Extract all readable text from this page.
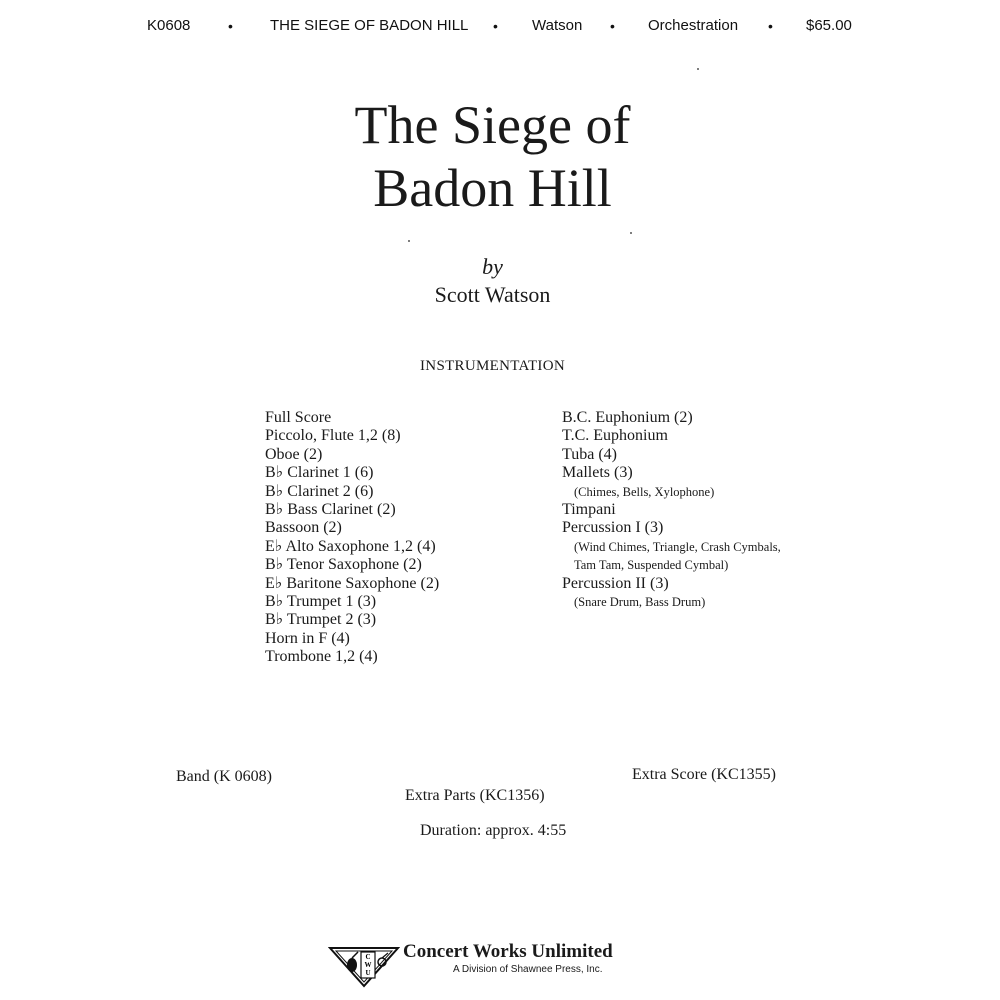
K0608	• THE SIEGE OF BADON HILL • Watson • Orchestration • $65.00
The Siege of
Badon Hill
by
Scott Watson
INSTRUMENTATION
Full Score
Piccolo, Flute 1,2 (8)
Oboe (2)
B♭ Clarinet 1 (6)
B♭ Clarinet 2 (6)
B♭ Bass Clarinet (2)
Bassoon (2)
E♭ Alto Saxophone 1,2 (4)
B♭ Tenor Saxophone (2)
E♭ Baritone Saxophone (2)
B♭ Trumpet 1 (3)
B♭ Trumpet 2 (3)
Horn in F (4)
Trombone 1,2 (4)
B.C. Euphonium (2)
T.C. Euphonium
Tuba (4)
Mallets (3)
(Chimes, Bells, Xylophone)
Timpani
Percussion I (3)
(Wind Chimes, Triangle, Crash Cymbals,
Tam Tam, Suspended Cymbal)
Percussion II (3)
(Snare Drum, Bass Drum)
Band (K 0608)	Extra Score (KC1355)
Extra Parts (KC1356)
Duration: approx. 4:55
C
W
U
Concert Works Unlimited
A Division of Shawnee Press, Inc.
